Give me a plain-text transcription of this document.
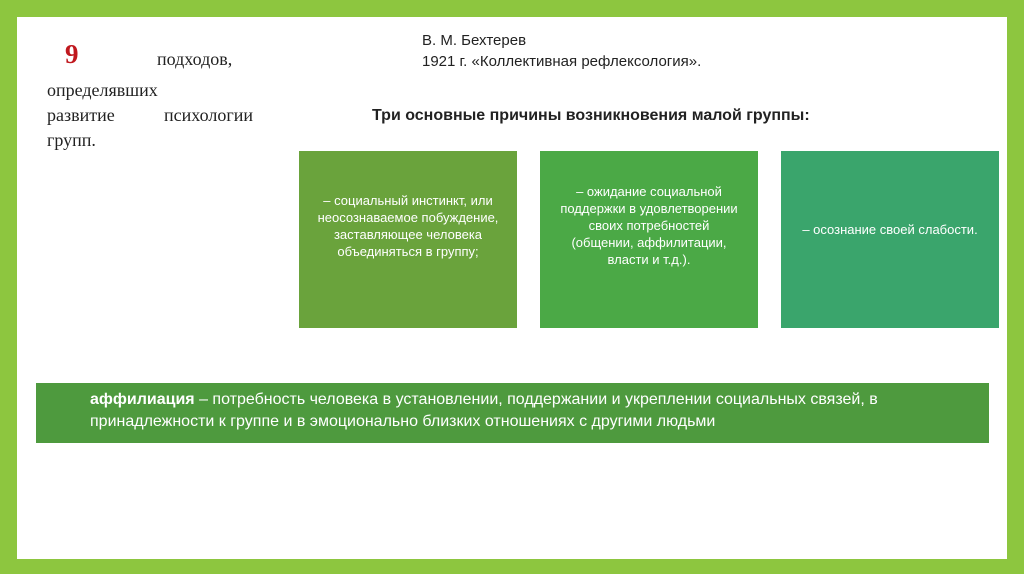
9	подходов,
определявших
развитие	психологии
групп.
В. М. Бехтерев
1921 г. «Коллективная рефлексология».
Три основные причины возникновения малой группы:
– социальный инстинкт, или неосознаваемое побуждение, заставляющее человека объединяться в группу;
– ожидание социальной поддержки в удовлетворении своих потребностей (общении, аффилитации, власти и т.д.).
– осознание своей слабости.
аффилиация – потребность человека в установлении, поддержании и укреплении социальных связей, в принадлежности к группе и в эмоционально близких отношениях с другими людьми
